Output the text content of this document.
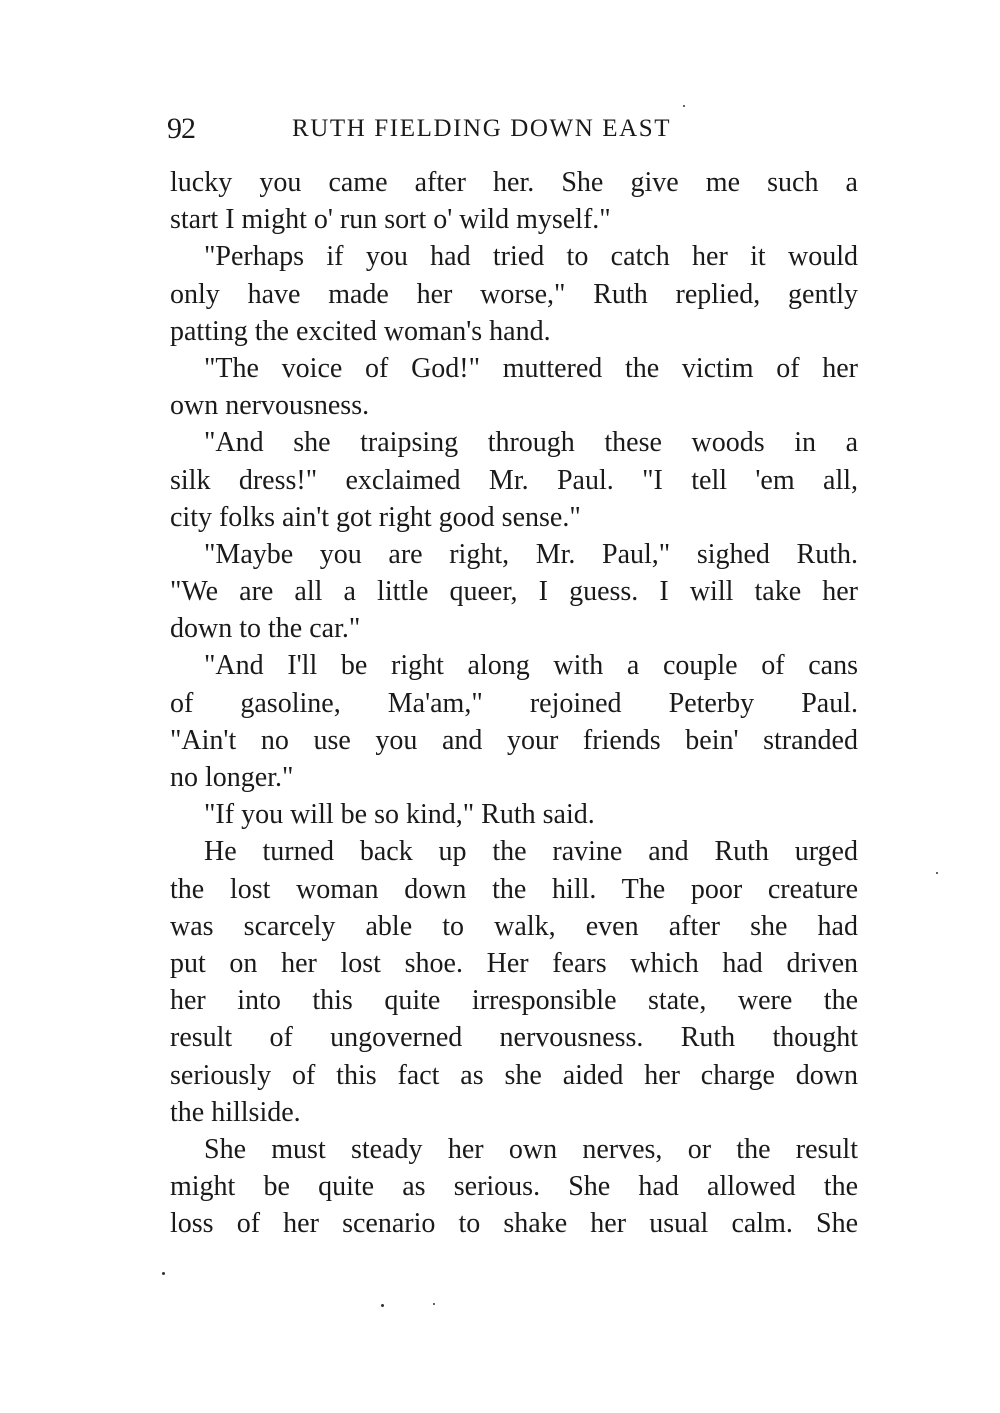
92	RUTH FIELDING DOWN EAST
lucky you came after her. She give me such a
start I might o' run sort o' wild myself."
"Perhaps if you had tried to catch her it would
only have made her worse," Ruth replied, gently
patting the excited woman's hand.
"The voice of God!" muttered the victim of her
own nervousness.
"And she traipsing through these woods in a
silk dress!" exclaimed Mr. Paul. "I tell 'em all,
city folks ain't got right good sense."
"Maybe you are right, Mr. Paul," sighed Ruth.
"We are all a little queer, I guess. I will take her
down to the car."
"And I'll be right along with a couple of cans
of gasoline, Ma'am," rejoined Peterby Paul.
"Ain't no use you and your friends bein' stranded
no longer."
"If you will be so kind," Ruth said.
He turned back up the ravine and Ruth urged
the lost woman down the hill. The poor creature
was scarcely able to walk, even after she had
put on her lost shoe. Her fears which had driven
her into this quite irresponsible state, were the
result of ungoverned nervousness. Ruth thought
seriously of this fact as she aided her charge down
the hillside.
She must steady her own nerves, or the result
might be quite as serious. She had allowed the
loss of her scenario to shake her usual calm. She
